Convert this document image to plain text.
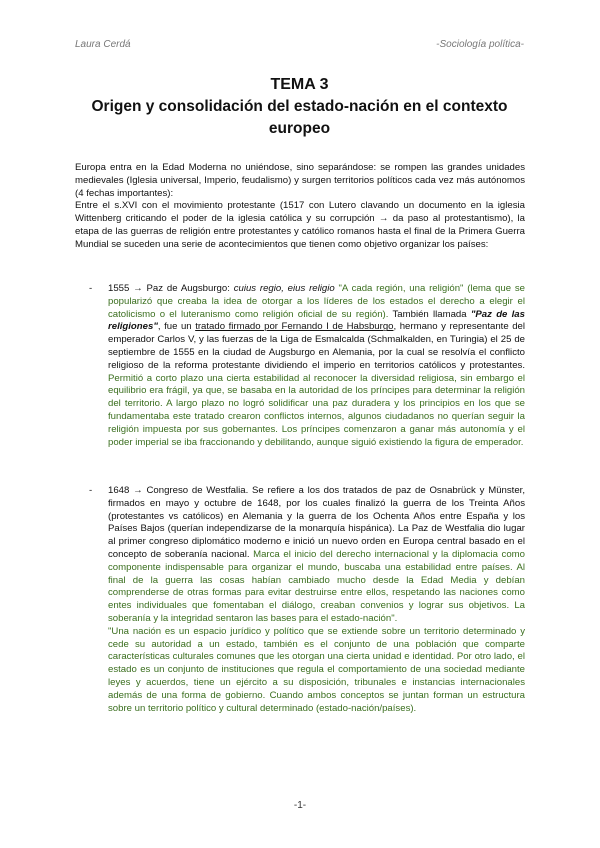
Laura Cerdá	-Sociología política-

TEMA 3

Origen y consolidación del estado-nación en el contexto europeo

Europa entra en la Edad Moderna no uniéndose, sino separándose: se rompen las grandes unidades medievales (Iglesia universal, Imperio, feudalismo) y surgen territorios políticos cada vez más autónomos (4 fechas importantes):

Entre el s.XVI con el movimiento protestante (1517 con Lutero clavando un documento en la iglesia Wittenberg criticando el poder de la iglesia católica y su corrupción → da paso al protestantismo), la etapa de las guerras de religión entre protestantes y católico romanos hasta el final de la Primera Guerra Mundial se suceden una serie de acontecimientos que tienen como objetivo organizar los países:

- 1555 → Paz de Augsburgo: cuius regio, eius religio "A cada región, una religión" (lema que se popularizó que creaba la idea de otorgar a los líderes de los estados el derecho a elegir el catolicismo o el luteranismo como religión oficial de su región). También llamada "Paz de las religiones", fue un tratado firmado por Fernando I de Habsburgo, hermano y representante del emperador Carlos V, y las fuerzas de la Liga de Esmalcalda (Schmalkalden, en Turingia) el 25 de septiembre de 1555 en la ciudad de Augsburgo en Alemania, por la cual se resolvía el conflicto religioso de la reforma protestante dividiendo el imperio en territorios católicos y protestantes. Permitió a corto plazo una cierta estabilidad al reconocer la diversidad religiosa, sin embargo el equilibrio era frágil, ya que, se basaba en la autoridad de los príncipes para determinar la religión del territorio. A largo plazo no logró solidificar una paz duradera y los principios en los que se fundamentaba este tratado crearon conflictos internos, algunos ciudadanos no querían seguir la religión impuesta por sus gobernantes. Los príncipes comenzaron a ganar más autonomía y el poder imperial se iba fraccionando y debilitando, aunque siguió existiendo la figura de emperador.
- 1648 → Congreso de Westfalia. Se refiere a los dos tratados de paz de Osnabrück y Münster, firmados en mayo y octubre de 1648, por los cuales finalizó la guerra de los Treinta Años (protestantes vs católicos) en Alemania y la guerra de los Ochenta Años entre España y los Países Bajos (querían independizarse de la monarquía hispánica). La Paz de Westfalia dio lugar al primer congreso diplomático moderno e inició un nuevo orden en Europa central basado en el concepto de soberanía nacional. Marca el inicio del derecho internacional y la diplomacia como componente indispensable para organizar el mundo, buscaba una estabilidad entre países. Al final de la guerra las cosas habían cambiado mucho desde la Edad Media y debían comprenderse de otras formas para evitar destruirse entre ellos, respetando las naciones como entes individuales que fomentaban el diálogo, creaban convenios y lograr sus objetivos. La soberanía y la integridad sentaron las bases para el estado-nación".

"Una nación es un espacio jurídico y político que se extiende sobre un territorio determinado y cede su autoridad a un estado, también es el conjunto de una población que comparte características culturales comunes que les otorgan una cierta unidad e identidad. Por otro lado, el estado es un conjunto de instituciones que regula el comportamiento de una sociedad mediante leyes y acuerdos, tiene un ejército a su disposición, tribunales e instancias internacionales además de una forma de gobierno. Cuando ambos conceptos se juntan forman un estructura sobre un territorio político y cultural determinado (estado-nación/países).

-1-
